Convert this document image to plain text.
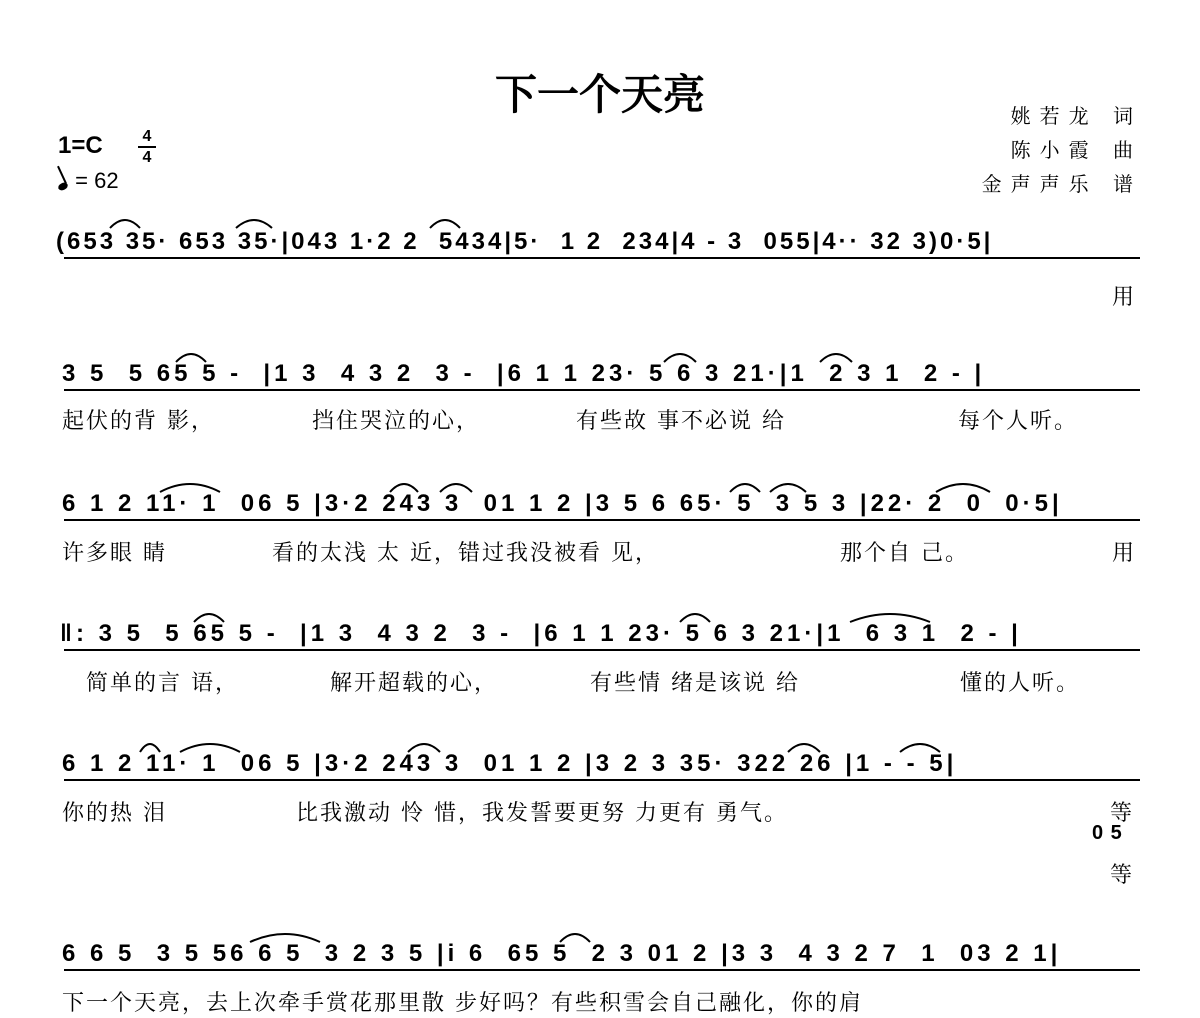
下一个天亮	姚若龙 词
陈小霞 曲
金声声乐 谱
1=C 4
4
= 62
(653 35· 653 35·|043 1·2 2  5434|5·  1 2  234|4 - 3  055|4·· 32 3)0·5|
用
3 5  5 65 5 -  |1 3  4 3 2  3 -  |6 1 1 23· 5 6 3 21·|1  2 3 1  2 - |
起伏的背 影，	挡住哭泣的心，	有些故 事不必说 给	每个人听。
6 1 2 11· 1  06 5 |3·2 243 3  01 1 2 |3 5 6 65· 5  3 5 3 |22· 2  0  0·5|
许多眼 睛	看的太浅 太 近，错过我没被看 见，	那个自 己。	用
‖: 3 5  5 65 5 -  |1 3  4 3 2  3 -  |6 1 1 23· 5 6 3 21·|1  6 3 1  2 - |
简单的言 语，	解开超载的心，	有些情 绪是该说 给	懂的人听。
6 1 2 11· 1  06 5 |3·2 243 3  01 1 2 |3 2 3 35· 322 26 |1 - - 5|
你的热 泪	比我激动 怜 惜，我发誓要更努 力更有 勇气。	等
0 5
等
6 6 5  3 5 56 6 5  3 2 3 5 |i 6  65 5  2 3 01 2 |3 3  4 3 2 7  1  03 2 1|
下一个天亮，去上次牵手赏花那里散 步好吗？有些积雪会自己融化，你的肩
